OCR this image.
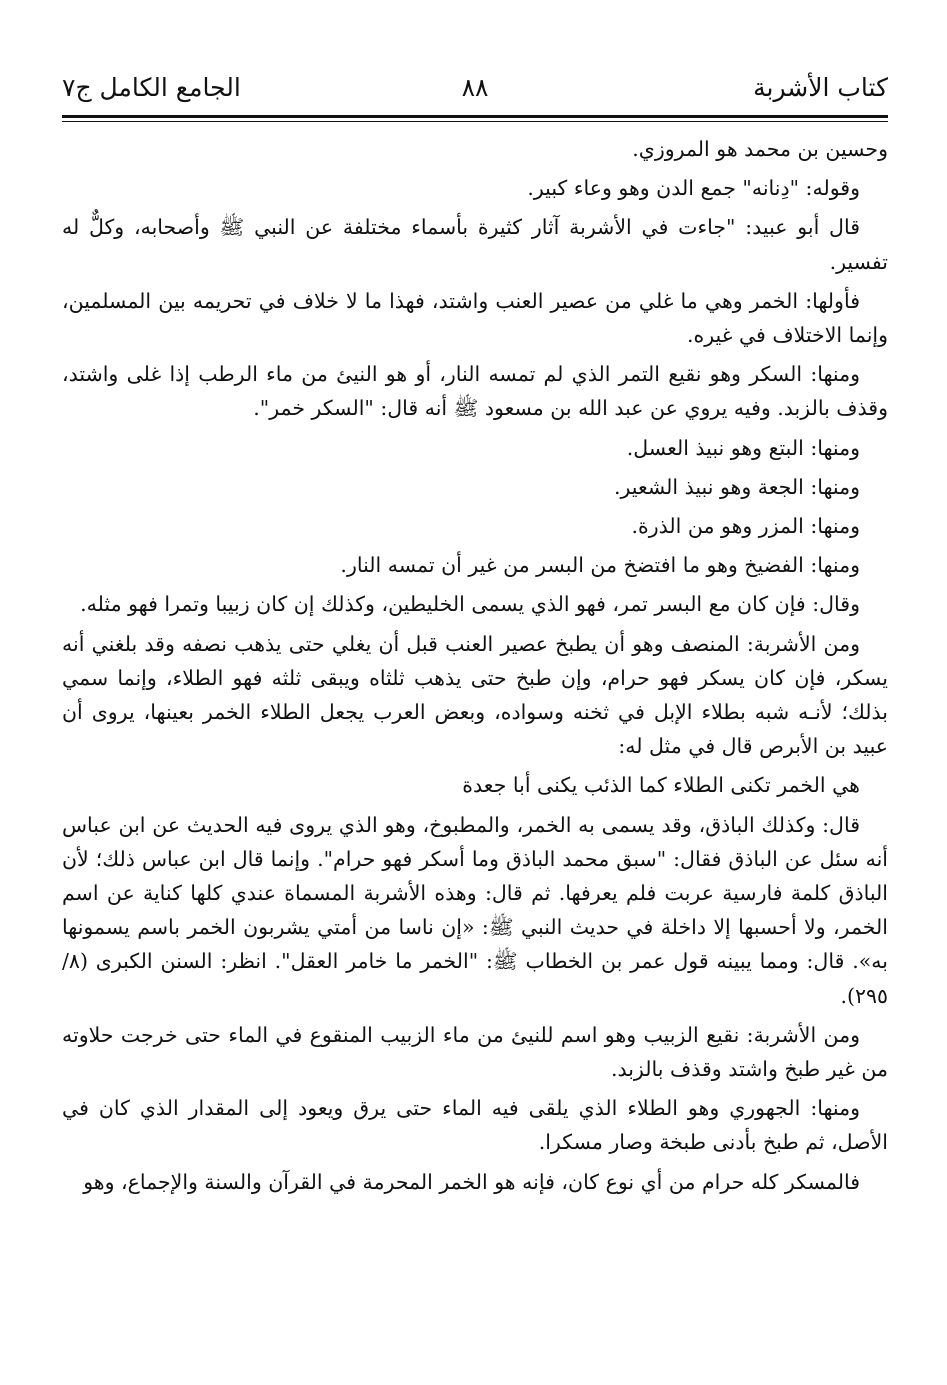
كتاب الأشربة
٨٨
الجامع الكامل ج٧

وحسين بن محمد هو المروزي.

وقوله: "دِنانه" جمع الدن وهو وعاء كبير.

قال أبو عبيد: "جاءت في الأشربة آثار كثيرة بأسماء مختلفة عن النبي ﷺ وأصحابه، وكلٌّ له تفسير.

فأولها: الخمر وهي ما غلي من عصير العنب واشتد، فهذا ما لا خلاف في تحريمه بين المسلمين، وإنما الاختلاف في غيره.

ومنها: السكر وهو نقيع التمر الذي لم تمسه النار، أو هو النيئ من ماء الرطب إذا غلى واشتد، وقذف بالزبد. وفيه يروي عن عبد الله بن مسعود ﷺ أنه قال: "السكر خمر".

ومنها: البتع وهو نبيذ العسل.

ومنها: الجعة وهو نبيذ الشعير.

ومنها: المزر وهو من الذرة.

ومنها: الفضيخ وهو ما افتضخ من البسر من غير أن تمسه النار.

وقال: فإن كان مع البسر تمر، فهو الذي يسمى الخليطين، وكذلك إن كان زبيبا وتمرا فهو مثله.

ومن الأشربة: المنصف وهو أن يطبخ عصير العنب قبل أن يغلي حتى يذهب نصفه وقد بلغني أنه يسكر، فإن كان يسكر فهو حرام، وإن طبخ حتى يذهب ثلثاه ويبقى ثلثه فهو الطلاء، وإنما سمي بذلك؛ لأنـه شبه بطلاء الإبل في ثخنه وسواده، وبعض العرب يجعل الطلاء الخمر بعينها، يروى أن عبيد بن الأبرص قال في مثل له:

هي الخمر تكنى الطلاء كما الذئب يكنى أبا جعدة

قال: وكذلك الباذق، وقد يسمى به الخمر، والمطبوخ، وهو الذي يروى فيه الحديث عن ابن عباس أنه سئل عن الباذق فقال: "سبق محمد الباذق وما أسكر فهو حرام". وإنما قال ابن عباس ذلك؛ لأن الباذق كلمة فارسية عربت فلم يعرفها. ثم قال: وهذه الأشربة المسماة عندي كلها كناية عن اسم الخمر، ولا أحسبها إلا داخلة في حديث النبي ﷺ: «إن ناسا من أمتي يشربون الخمر باسم يسمونها به». قال: ومما يبينه قول عمر بن الخطاب ﷺ: "الخمر ما خامر العقل". انظر: السنن الكبرى (٨/ ٢٩٥).

ومن الأشربة: نقيع الزبيب وهو اسم للنيئ من ماء الزبيب المنقوع في الماء حتى خرجت حلاوته من غير طبخ واشتد وقذف بالزبد.

ومنها: الجهوري وهو الطلاء الذي يلقى فيه الماء حتى يرق ويعود إلى المقدار الذي كان في الأصل، ثم طبخ بأدنى طبخة وصار مسكرا.

فالمسكر كله حرام من أي نوع كان، فإنه هو الخمر المحرمة في القرآن والسنة والإجماع، وهو
